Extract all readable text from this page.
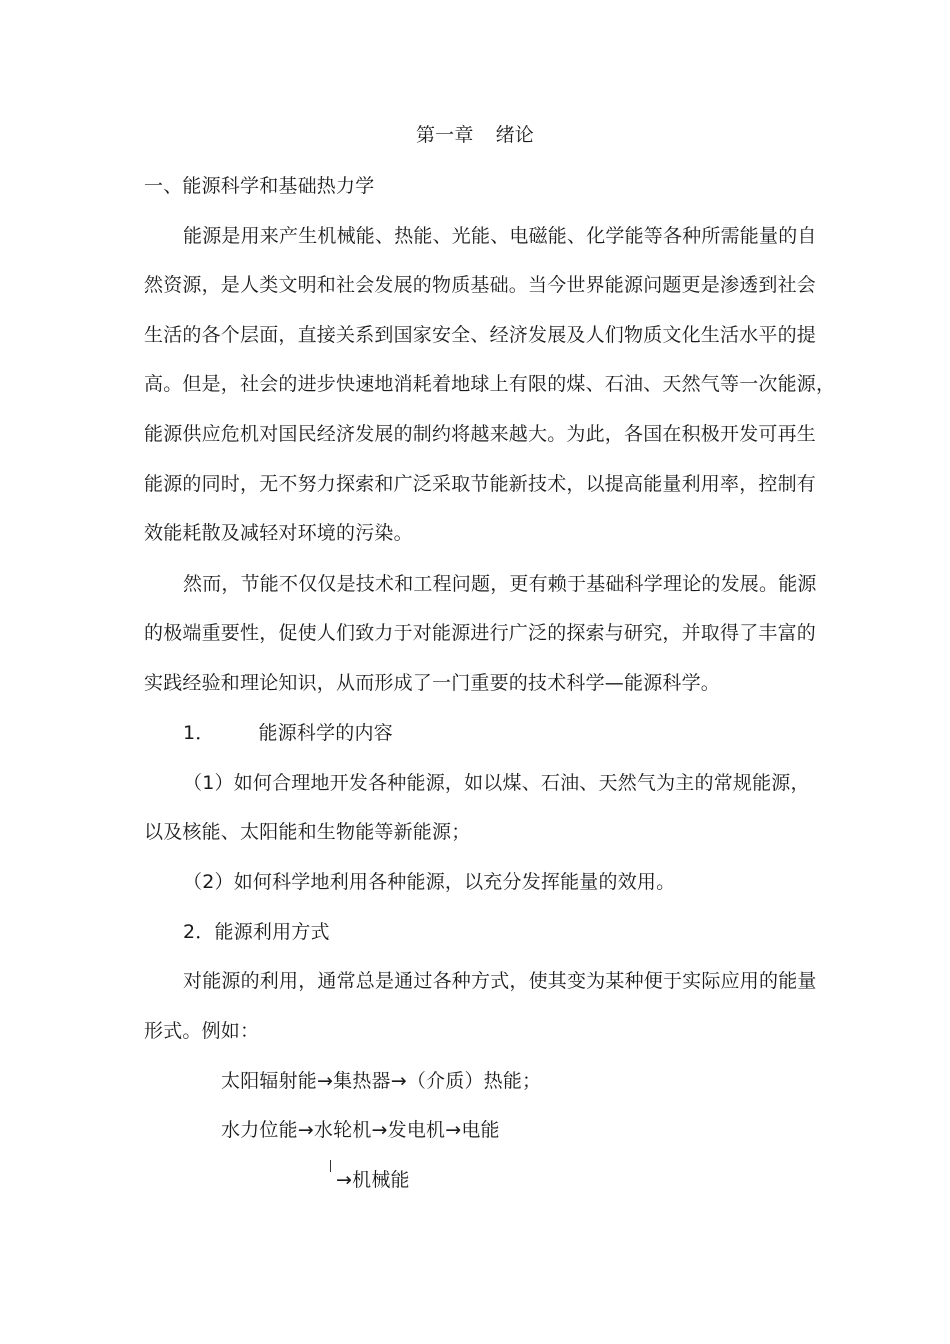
第一章 绪论
一、能源科学和基础热力学
能源是用来产生机械能、热能、光能、电磁能、化学能等各种所需能量的自
然资源，是人类文明和社会发展的物质基础。当今世界能源问题更是渗透到社会
生活的各个层面，直接关系到国家安全、经济发展及人们物质文化生活水平的提
高。但是，社会的进步快速地消耗着地球上有限的煤、石油、天然气等一次能源，
能源供应危机对国民经济发展的制约将越来越大。为此，各国在积极开发可再生
能源的同时，无不努力探索和广泛采取节能新技术，以提高能量利用率，控制有
效能耗散及减轻对环境的污染。
然而，节能不仅仅是技术和工程问题，更有赖于基础科学理论的发展。能源
的极端重要性，促使人们致力于对能源进行广泛的探索与研究，并取得了丰富的
实践经验和理论知识，从而形成了一门重要的技术科学—能源科学。
1． 能源科学的内容
（1）如何合理地开发各种能源，如以煤、石油、天然气为主的常规能源，
以及核能、太阳能和生物能等新能源；
（2）如何科学地利用各种能源，以充分发挥能量的效用。
2．能源利用方式
对能源的利用，通常总是通过各种方式，使其变为某种便于实际应用的能量
形式。例如：
太阳辐射能→集热器→（介质）热能；
水力位能→水轮机→发电机→电能
→机械能
